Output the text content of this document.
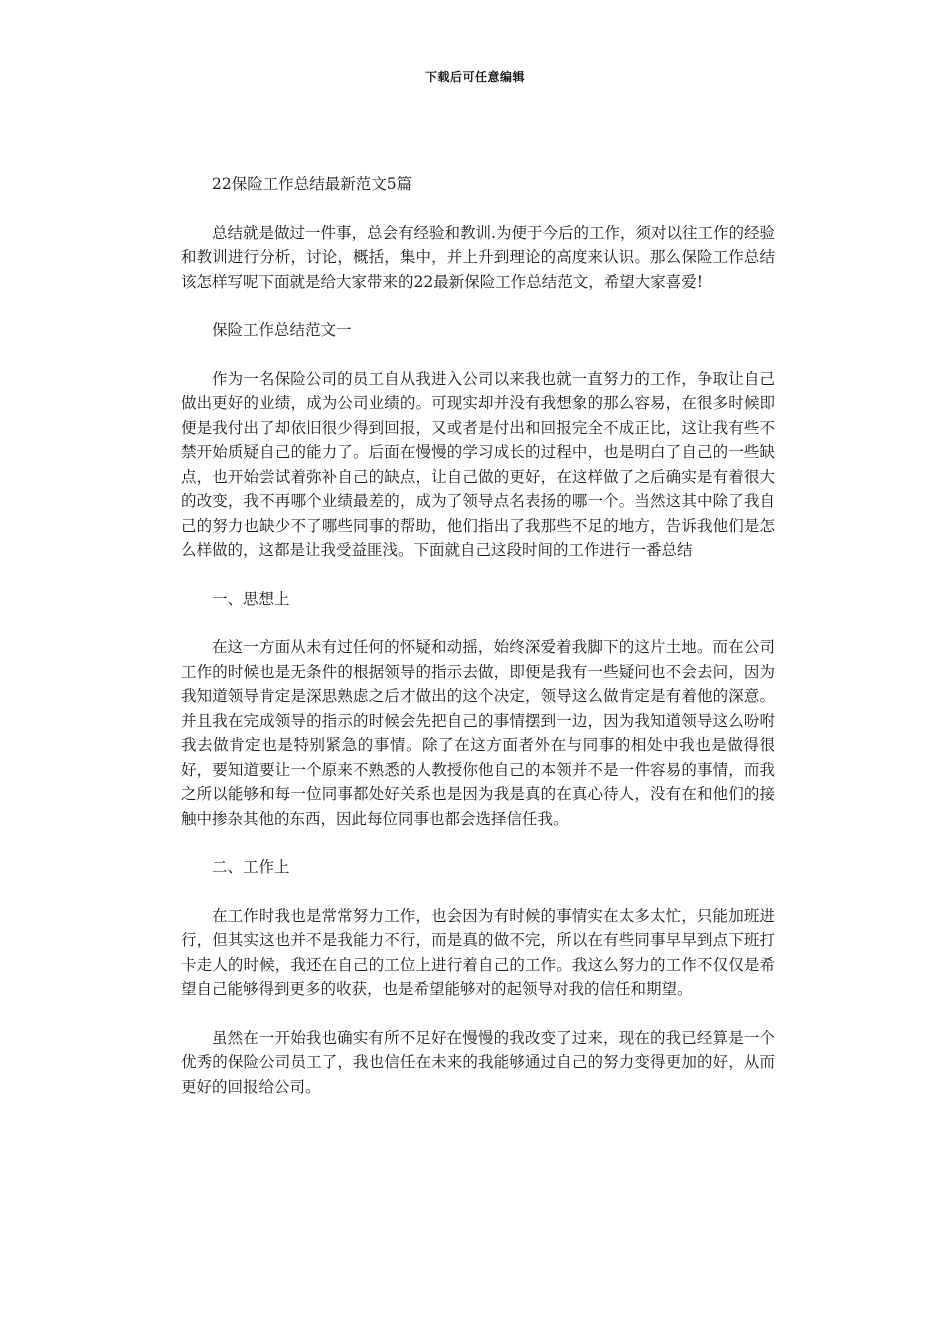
下载后可任意编辑
22保险工作总结最新范文5篇

总结就是做过一件事，总会有经验和教训.为便于今后的工作，须对以往工作的经验和教训进行分析，讨论，概括，集中，并上升到理论的高度来认识。那么保险工作总结该怎样写呢下面就是给大家带来的22最新保险工作总结范文，希望大家喜爱!

保险工作总结范文一

作为一名保险公司的员工自从我进入公司以来我也就一直努力的工作，争取让自己做出更好的业绩，成为公司业绩的。可现实却并没有我想象的那么容易，在很多时候即便是我付出了却依旧很少得到回报，又或者是付出和回报完全不成正比，这让我有些不禁开始质疑自己的能力了。后面在慢慢的学习成长的过程中，也是明白了自己的一些缺点，也开始尝试着弥补自己的缺点，让自己做的更好，在这样做了之后确实是有着很大的改变，我不再哪个业绩最差的，成为了领导点名表扬的哪一个。当然这其中除了我自己的努力也缺少不了哪些同事的帮助，他们指出了我那些不足的地方，告诉我他们是怎么样做的，这都是让我受益匪浅。下面就自己这段时间的工作进行一番总结

一、思想上

在这一方面从未有过任何的怀疑和动摇，始终深爱着我脚下的这片土地。而在公司工作的时候也是无条件的根据领导的指示去做，即便是我有一些疑问也不会去问，因为我知道领导肯定是深思熟虑之后才做出的这个决定，领导这么做肯定是有着他的深意。并且我在完成领导的指示的时候会先把自己的事情摆到一边，因为我知道领导这么吩咐我去做肯定也是特别紧急的事情。除了在这方面者外在与同事的相处中我也是做得很好，要知道要让一个原来不熟悉的人教授你他自己的本领并不是一件容易的事情，而我之所以能够和每一位同事都处好关系也是因为我是真的在真心待人，没有在和他们的接触中掺杂其他的东西，因此每位同事也都会选择信任我。

二、工作上

在工作时我也是常常努力工作，也会因为有时候的事情实在太多太忙，只能加班进行，但其实这也并不是我能力不行，而是真的做不完，所以在有些同事早早到点下班打卡走人的时候，我还在自己的工位上进行着自己的工作。我这么努力的工作不仅仅是希望自己能够得到更多的收获，也是希望能够对的起领导对我的信任和期望。

虽然在一开始我也确实有所不足好在慢慢的我改变了过来，现在的我已经算是一个优秀的保险公司员工了，我也信任在未来的我能够通过自己的努力变得更加的好，从而更好的回报给公司。
